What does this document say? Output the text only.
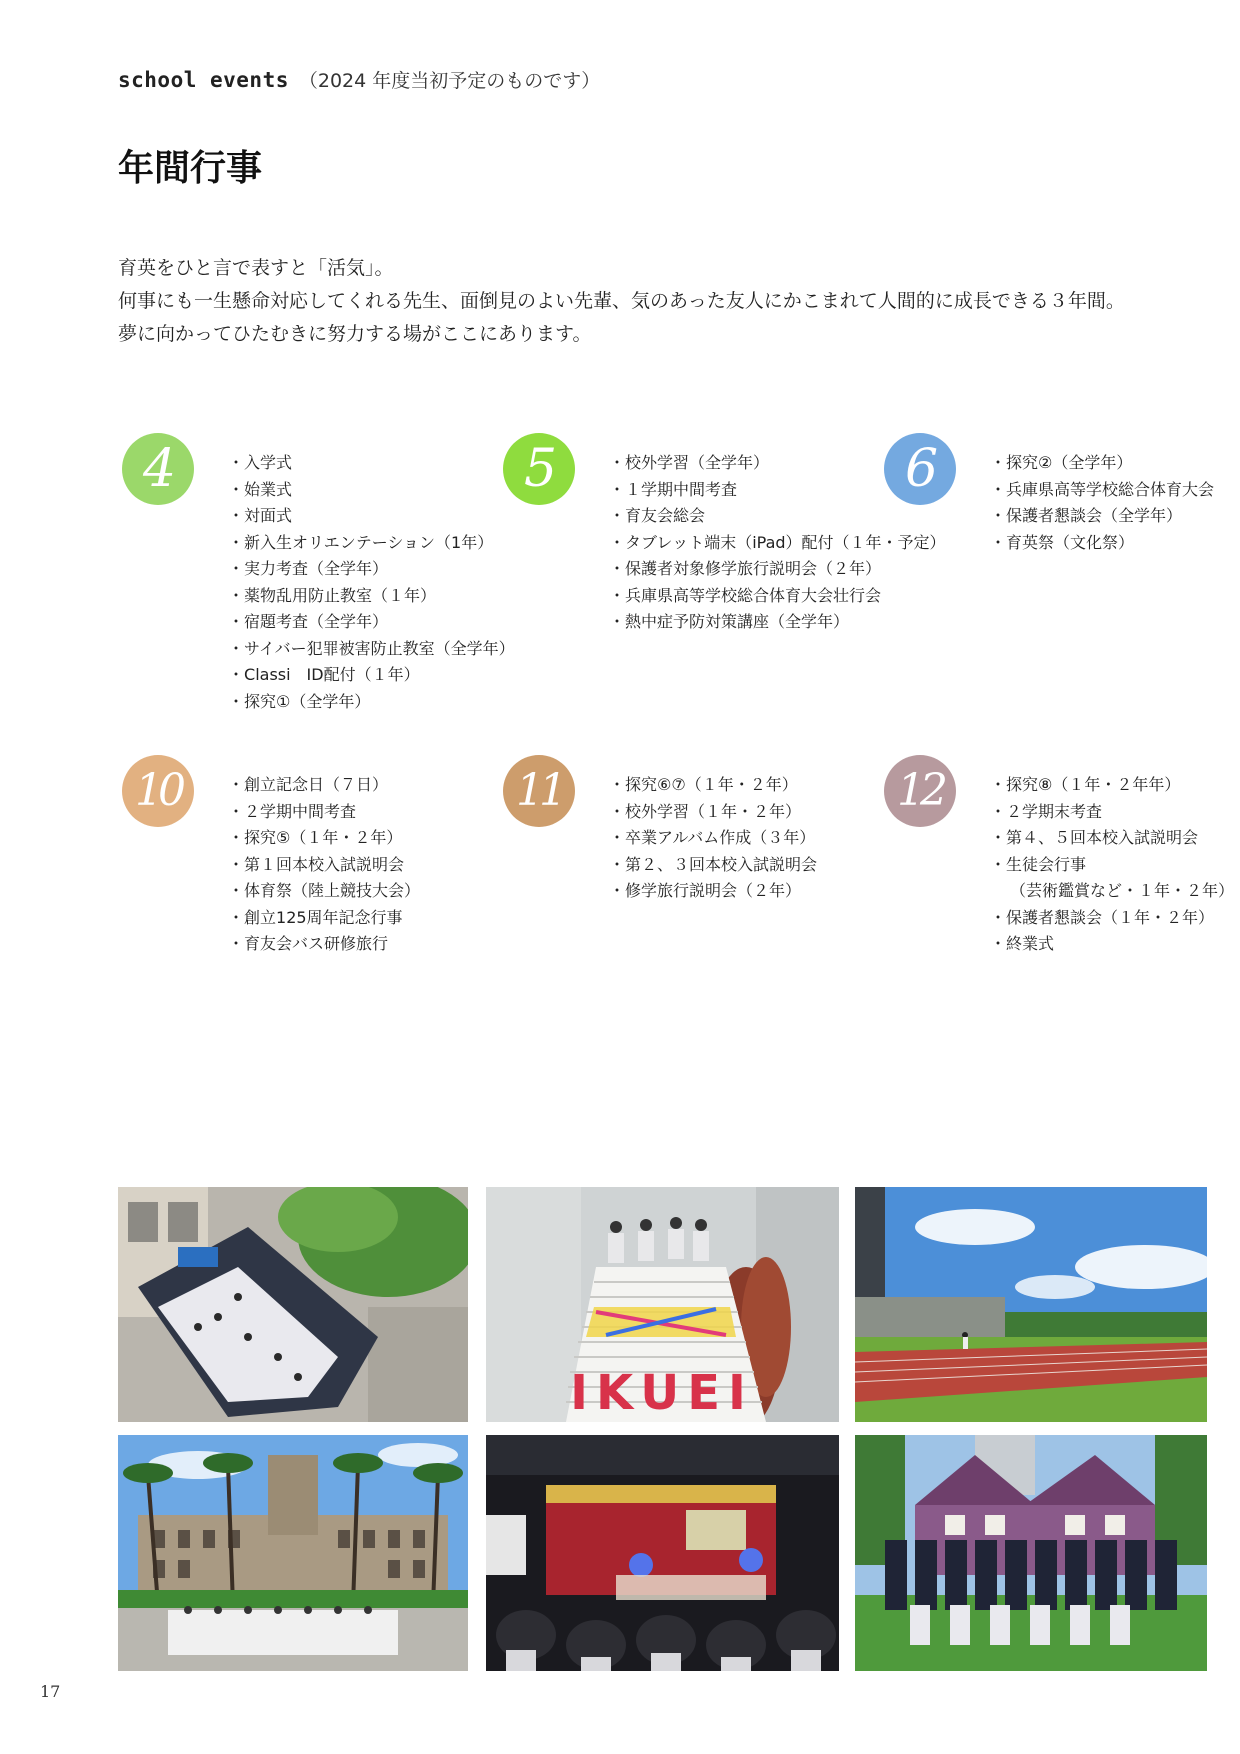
school events （2024 年度当初予定のものです）
年間行事

育英をひと言で表すと「活気」。

何事にも一生懸命対応してくれる先生、面倒見のよい先輩、気のあった友人にかこまれて人間的に成長できる３年間。

夢に向かってひたむきに努力する場がここにあります。

4	・ 入学式
・ 始業式
・ 対面式
・ 新入生オリエンテーション（1年）
・ 実力考査（全学年）
・ 薬物乱用防止教室（１年）
・ 宿題考査（全学年）
・ サイバー犯罪被害防止教室（全学年）
・ Classi　ID配付（１年）
・ 探究①（全学年）
5	・ 校外学習（全学年）
・ １学期中間考査
・ 育友会総会
・ タブレット端末（iPad）配付（１年・予定）
・ 保護者対象修学旅行説明会（２年）
・ 兵庫県高等学校総合体育大会壮行会
・ 熱中症予防対策講座（全学年）
6	・ 探究②（全学年）
・ 兵庫県高等学校総合体育大会
・ 保護者懇談会（全学年）
・ 育英祭（文化祭）
10	・ 創立記念日（７日）
・ ２学期中間考査
・ 探究⑤（１年・２年）
・ 第１回本校入試説明会
・ 体育祭（陸上競技大会）
・ 創立125周年記念行事
・ 育友会バス研修旅行
11	・ 探究⑥⑦（１年・２年）
・ 校外学習（１年・２年）
・ 卒業アルバム作成（３年）
・ 第２、３回本校入試説明会
・ 修学旅行説明会（２年）
12	・ 探究⑧（１年・２年年）
・ ２学期末考査
・ 第４、５回本校入試説明会
・ 生徒会行事
（芸術鑑賞など・１年・２年）
・ 保護者懇談会（１年・２年）
・ 終業式
IKUEI
17
